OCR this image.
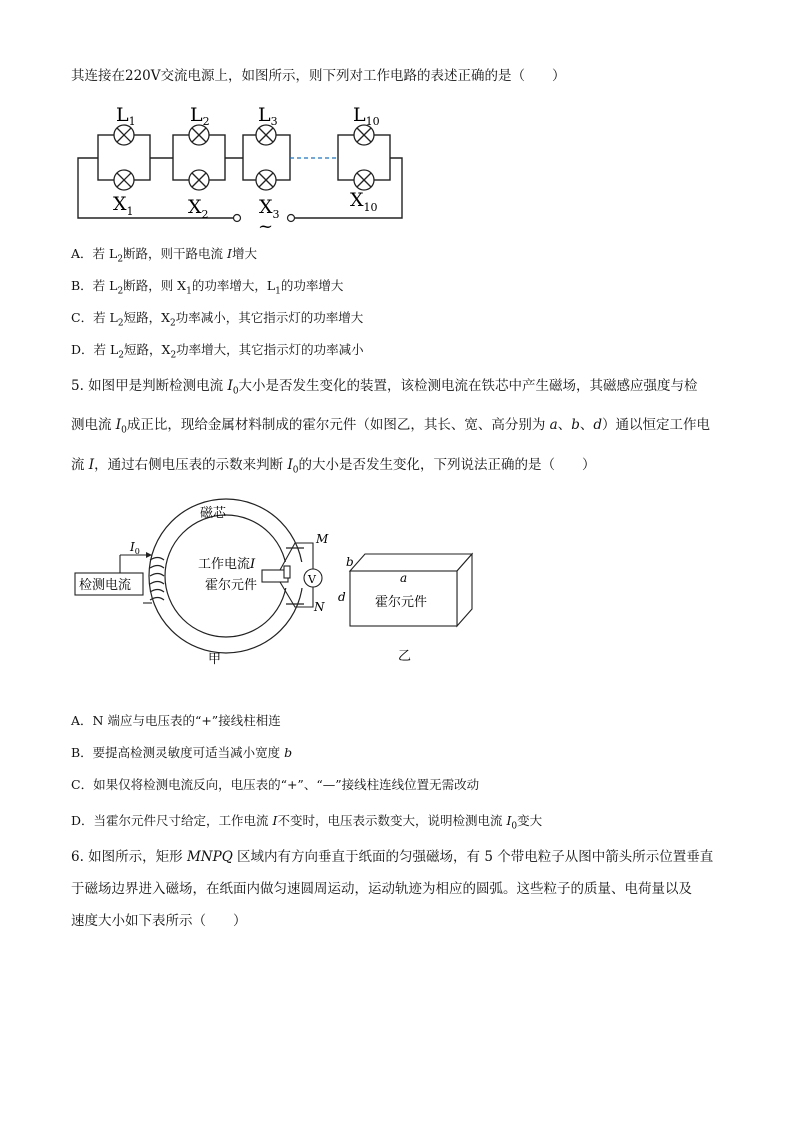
其连接在220V交流电源上，如图所示，则下列对工作电路的表述正确的是（　　）
~
$L_1$	$L_2$	$L_3$	$L_{10}$
$X_1$	$X_2$	$X_3$
$X_{10}$
A．若 $L_2$断路，则干路电流 I增大
B．若 $L_2$断路，则 $X_1$的功率增大，$L_1$的功率增大
C．若 $L_2$短路，$X_2$功率减小，其它指示灯的功率增大
D．若 $L_2$短路，$X_2$功率增大，其它指示灯的功率减小
5. 如图甲是判断检测电流 $I_0$大小是否发生变化的装置，该检测电流在铁芯中产生磁场，其磁感应强度与检
测电流 $I_0$成正比，现给金属材料制成的霍尔元件（如图乙，其长、宽、高分别为 a、b、d）通以恒定工作电
流 I，通过右侧电压表的示数来判断 $I_0$的大小是否发生变化，下列说法正确的是（　　）
检测电流
$I_0$
磁芯
工作电流I
霍尔元件	V
M
N
甲
b
a
d 霍尔元件
乙
A．N 端应与电压表的“+”接线柱相连
B．要提高检测灵敏度可适当减小宽度 b
C．如果仅将检测电流反向，电压表的“+”、“—”接线柱连线位置无需改动
D．当霍尔元件尺寸给定，工作电流 I不变时，电压表示数变大，说明检测电流 $I_0$变大
6. 如图所示，矩形 MNPQ 区域内有方向垂直于纸面的匀强磁场，有 5 个带电粒子从图中箭头所示位置垂直
于磁场边界进入磁场，在纸面内做匀速圆周运动，运动轨迹为相应的圆弧。这些粒子的质量、电荷量以及
速度大小如下表所示（　　）
